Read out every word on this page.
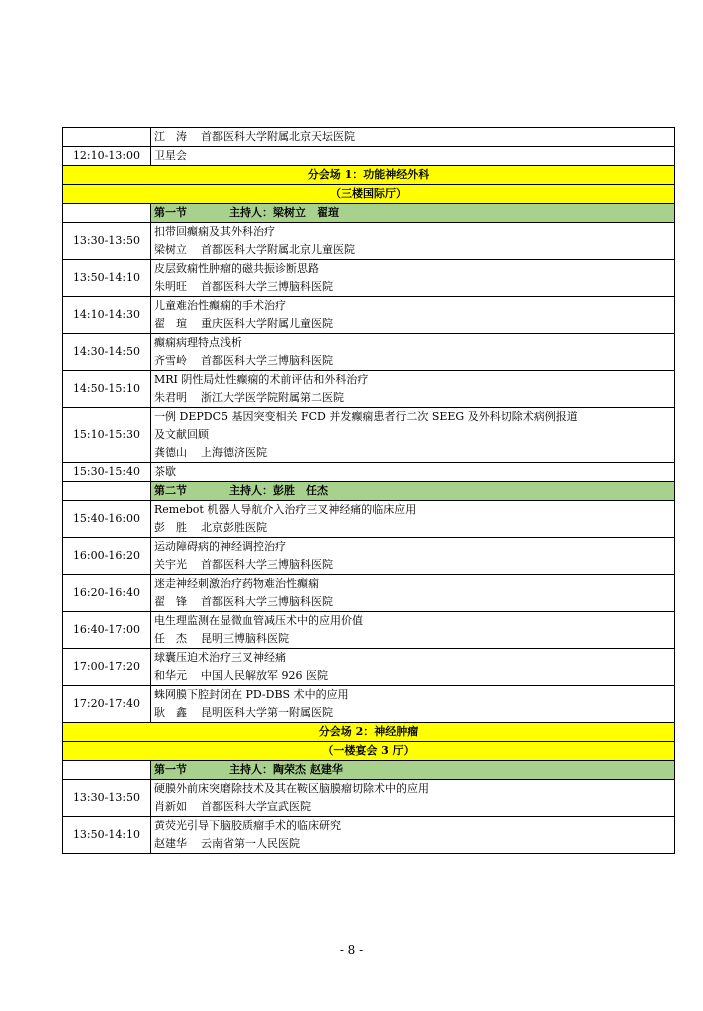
	江　涛 首都医科大学附属北京天坛医院

12:10-13:00	卫星会
分会场 1：功能神经外科	
（三楼国际厅）	
	第一节 主持人：梁树立　翟瑄
13:30-13:50	扣带回癫痫及其外科治疗
梁树立 首都医科大学附属北京儿童医院

13:50-14:10	皮层致痫性肿瘤的磁共振诊断思路
朱明旺 首都医科大学三博脑科医院

14:10-14:30	儿童难治性癫痫的手术治疗
翟　瑄 重庆医科大学附属儿童医院

14:30-14:50	癫痫病理特点浅析
齐雪岭 首都医科大学三博脑科医院

14:50-15:10	MRI 阴性局灶性癫痫的术前评估和外科治疗
朱君明 浙江大学医学院附属第二医院

15:10-15:30	一例 DEPDC5 基因突变相关 FCD 并发癫痫患者行二次 SEEG 及外科切除术病例报道
及文献回顾
龚德山 上海德济医院

15:30-15:40	茶歇
	第二节 主持人：彭胜　任杰
15:40-16:00	Remebot 机器人导航介入治疗三叉神经痛的临床应用
彭　胜 北京彭胜医院

16:00-16:20	运动障碍病的神经调控治疗
关宇光 首都医科大学三博脑科医院

16:20-16:40	迷走神经刺激治疗药物难治性癫痫
翟　锋 首都医科大学三博脑科医院

16:40-17:00	电生理监测在显微血管减压术中的应用价值
任　杰 昆明三博脑科医院

17:00-17:20	球囊压迫术治疗三叉神经痛
和华元 中国人民解放军 926 医院

17:20-17:40	蛛网膜下腔封闭在 PD-DBS 术中的应用
耿　鑫 昆明医科大学第一附属医院

分会场 2：神经肿瘤	
（一楼宴会 3 厅）	
	第一节 主持人：陶荣杰 赵建华
13:30-13:50	硬膜外前床突磨除技术及其在鞍区脑膜瘤切除术中的应用
肖新如 首都医科大学宣武医院

13:50-14:10	黄荧光引导下脑胶质瘤手术的临床研究
赵建华 云南省第一人民医院
- 8 -
